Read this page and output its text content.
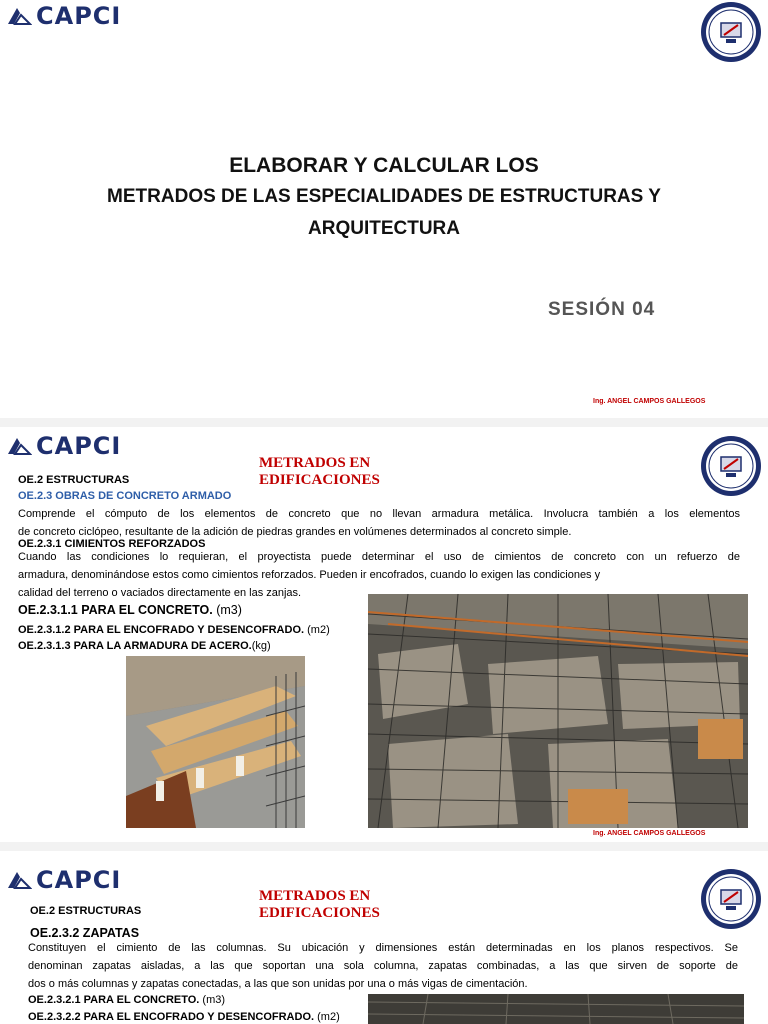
CAPCI
ELABORAR Y CALCULAR LOS
METRADOS DE LAS ESPECIALIDADES DE ESTRUCTURAS Y
ARQUITECTURA
SESIÓN 04
Ing. ANGEL CAMPOS GALLEGOS
CAPCI
METRADOS EN
EDIFICACIONES
OE.2 ESTRUCTURAS
OE.2.3 OBRAS DE CONCRETO ARMADO
Comprende el cómputo de los elementos de concreto que no llevan armadura metálica. Involucra también a los elementos
de concreto ciclópeo, resultante de la adición de piedras grandes en volúmenes determinados al concreto simple.
OE.2.3.1 CIMIENTOS REFORZADOS
Cuando las condiciones lo requieran, el proyectista puede determinar el uso de cimientos de concreto con un refuerzo de
armadura, denominándose estos como cimientos reforzados. Pueden ir encofrados, cuando lo exigen las condiciones y
calidad del terreno o vaciados directamente en las zanjas.
OE.2.3.1.1 PARA EL CONCRETO. (m3)
OE.2.3.1.2 PARA EL ENCOFRADO Y DESENCOFRADO. (m2)
OE.2.3.1.3 PARA LA ARMADURA DE ACERO.(kg)
Ing. ANGEL CAMPOS GALLEGOS
CAPCI
METRADOS EN
EDIFICACIONES
OE.2 ESTRUCTURAS
OE.2.3.2 ZAPATAS
Constituyen el cimiento de las columnas. Su ubicación y dimensiones están determinadas en los planos respectivos. Se
denominan zapatas aisladas, a las que soportan una sola columna, zapatas combinadas, a las que sirven de soporte de
dos o más columnas y zapatas conectadas, a las que son unidas por una o más vigas de cimentación.
OE.2.3.2.1 PARA EL CONCRETO. (m3)
OE.2.3.2.2 PARA EL ENCOFRADO Y DESENCOFRADO. (m2)
